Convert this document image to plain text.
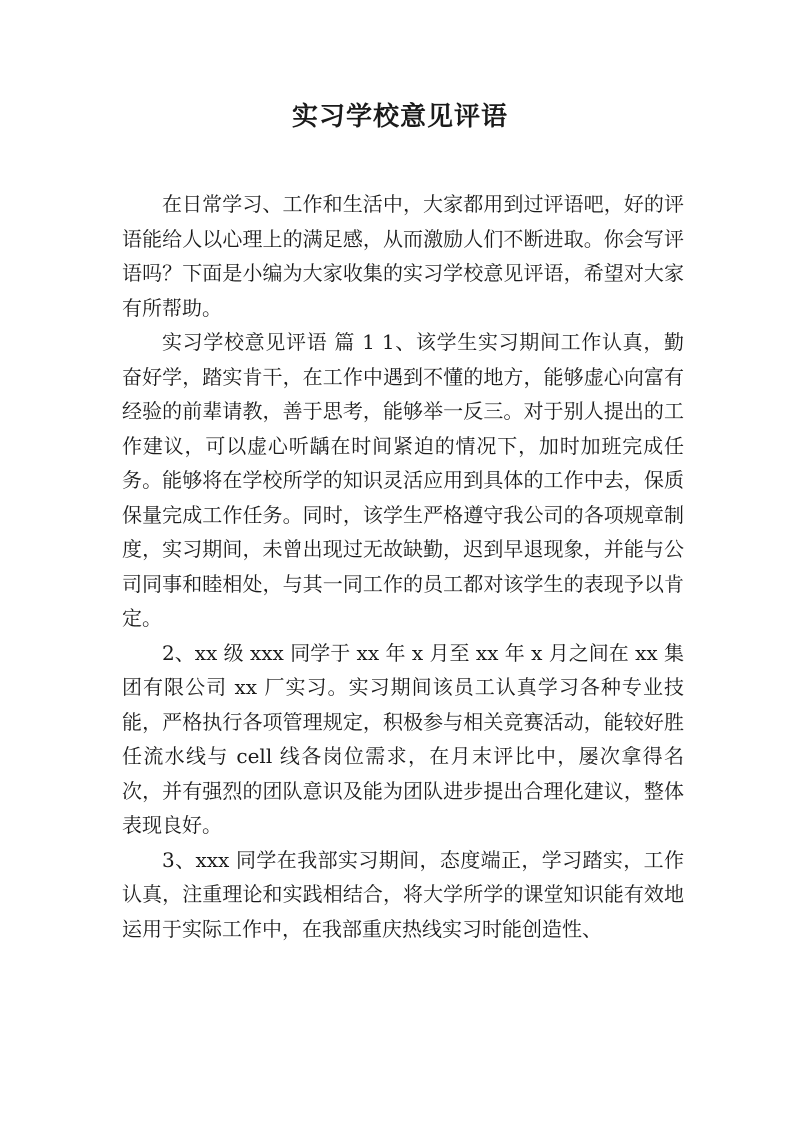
实习学校意见评语

在日常学习、工作和生活中，大家都用到过评语吧，好的评语能给人以心理上的满足感，从而激励人们不断进取。你会写评语吗？下面是小编为大家收集的实习学校意见评语，希望对大家有所帮助。

实习学校意见评语 篇 1 1、该学生实习期间工作认真，勤奋好学，踏实肯干，在工作中遇到不懂的地方，能够虚心向富有经验的前辈请教，善于思考，能够举一反三。对于别人提出的工作建议，可以虚心听龋在时间紧迫的情况下，加时加班完成任务。能够将在学校所学的知识灵活应用到具体的工作中去，保质保量完成工作任务。同时，该学生严格遵守我公司的各项规章制度，实习期间，未曾出现过无故缺勤，迟到早退现象，并能与公司同事和睦相处，与其一同工作的员工都对该学生的表现予以肯定。

2、xx 级 xxx 同学于 xx 年 x 月至 xx 年 x 月之间在 xx 集团有限公司 xx 厂实习。实习期间该员工认真学习各种专业技能，严格执行各项管理规定，积极参与相关竞赛活动，能较好胜任流水线与 cell 线各岗位需求，在月末评比中，屡次拿得名次，并有强烈的团队意识及能为团队进步提出合理化建议，整体表现良好。

3、xxx 同学在我部实习期间，态度端正，学习踏实，工作认真，注重理论和实践相结合，将大学所学的课堂知识能有效地运用于实际工作中，在我部重庆热线实习时能创造性、
